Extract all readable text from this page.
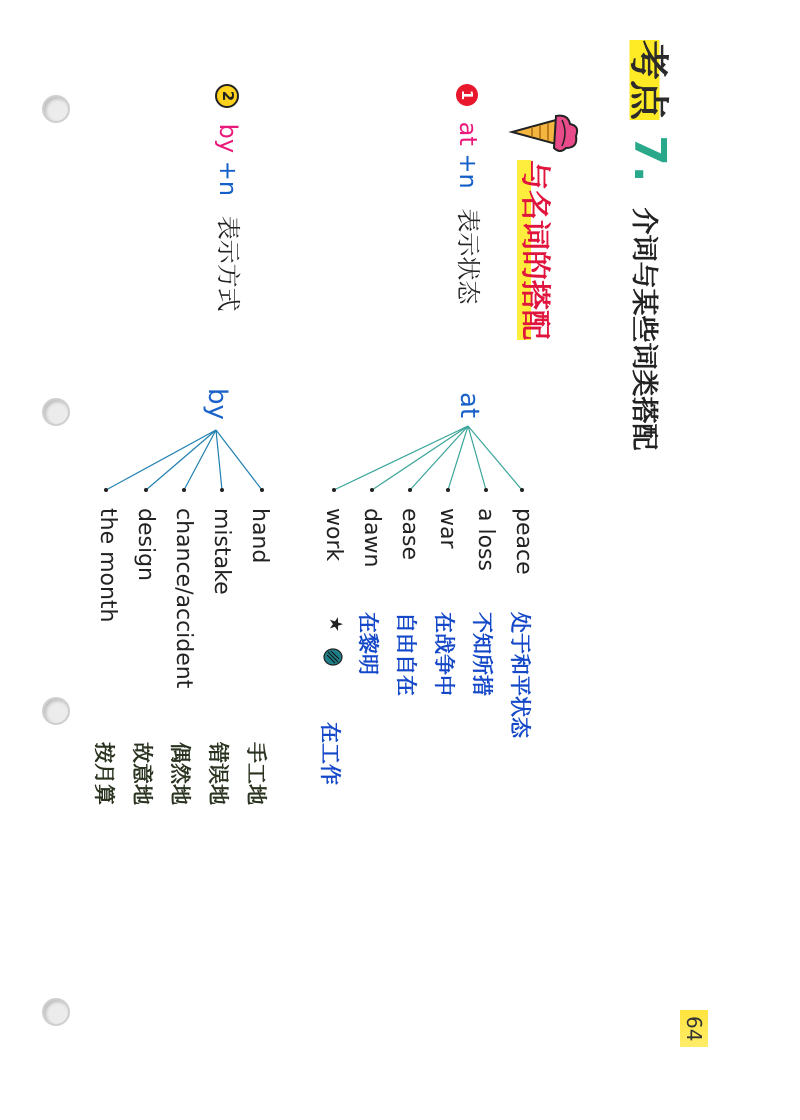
考点 7. 介词与某些词类搭配
与名词的搭配
1 at +n 表示状态
2 by +n 表示方式
at
by
peace
a loss
war
ease
dawn
work
处于和平状态
不知所措
在战争中
自由自在
在黎明
★
在工作
hand
mistake
chance/accident
design
the month
手工地
错误地
偶然地
故意地
按月算
64
